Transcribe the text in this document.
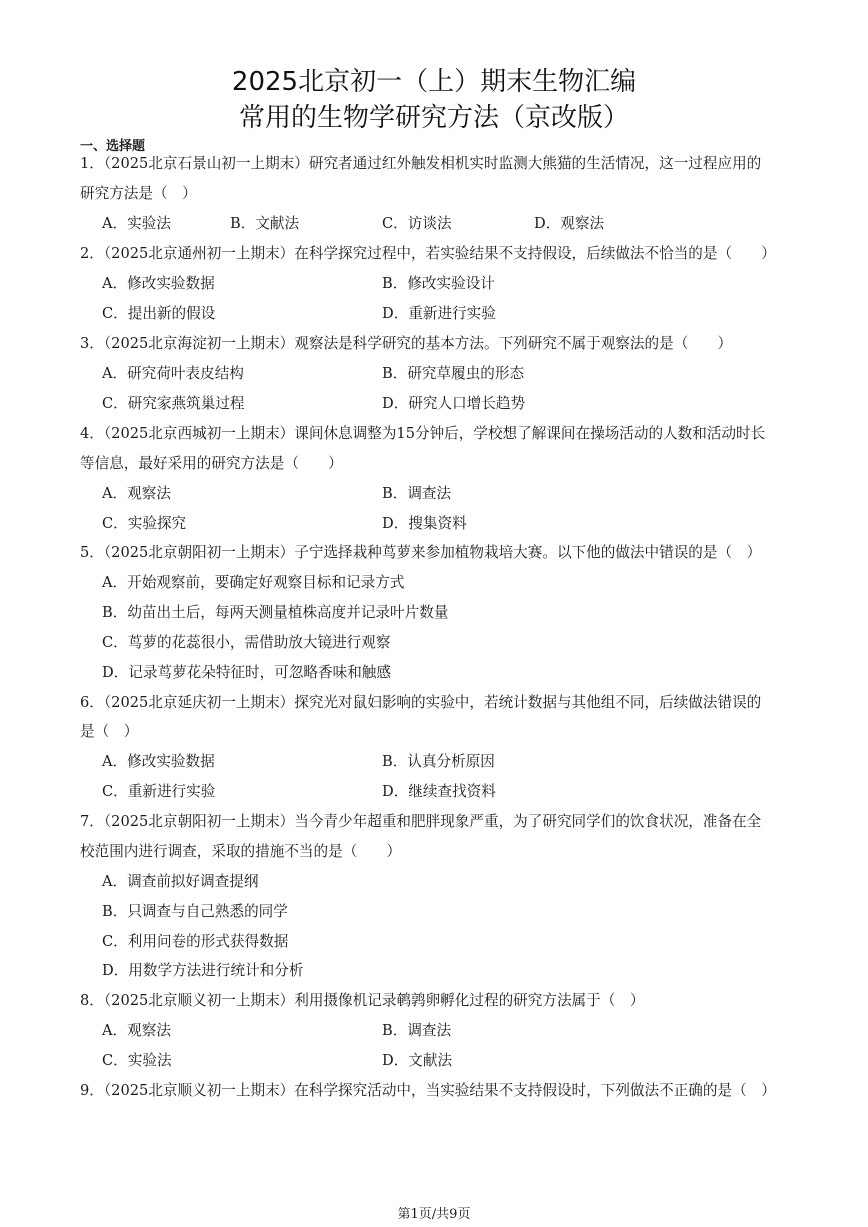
2025北京初一（上）期末生物汇编
常用的生物学研究方法（京改版）
一、选择题
1．（2025北京石景山初一上期末）研究者通过红外触发相机实时监测大熊猫的生活情况，这一过程应用的
研究方法是（　）
A．实验法	B．文献法	C．访谈法	D．观察法
2．（2025北京通州初一上期末）在科学探究过程中，若实验结果不支持假设，后续做法不恰当的是（　　）
A．修改实验数据	B．修改实验设计
C．提出新的假设	D．重新进行实验
3．（2025北京海淀初一上期末）观察法是科学研究的基本方法。下列研究不属于观察法的是（　　）
A．研究荷叶表皮结构	B．研究草履虫的形态
C．研究家燕筑巢过程	D．研究人口增长趋势
4．（2025北京西城初一上期末）课间休息调整为15分钟后，学校想了解课间在操场活动的人数和活动时长
等信息，最好采用的研究方法是（　　）
A．观察法	B．调查法
C．实验探究	D．搜集资料
5．（2025北京朝阳初一上期末）子宁选择栽种茑萝来参加植物栽培大赛。以下他的做法中错误的是（　）
A．开始观察前，要确定好观察目标和记录方式
B．幼苗出土后，每两天测量植株高度并记录叶片数量
C．茑萝的花蕊很小，需借助放大镜进行观察
D．记录茑萝花朵特征时，可忽略香味和触感
6．（2025北京延庆初一上期末）探究光对鼠妇影响的实验中，若统计数据与其他组不同，后续做法错误的
是（　）
A．修改实验数据	B．认真分析原因
C．重新进行实验	D．继续查找资料
7．（2025北京朝阳初一上期末）当今青少年超重和肥胖现象严重，为了研究同学们的饮食状况，准备在全
校范围内进行调查，采取的措施不当的是（　　）
A．调查前拟好调查提纲
B．只调查与自己熟悉的同学
C．利用问卷的形式获得数据
D．用数学方法进行统计和分析
8．（2025北京顺义初一上期末）利用摄像机记录鹌鹑卵孵化过程的研究方法属于（　）
A．观察法	B．调查法
C．实验法	D．文献法
9．（2025北京顺义初一上期末）在科学探究活动中，当实验结果不支持假设时，下列做法不正确的是（　）
第1页/共9页
